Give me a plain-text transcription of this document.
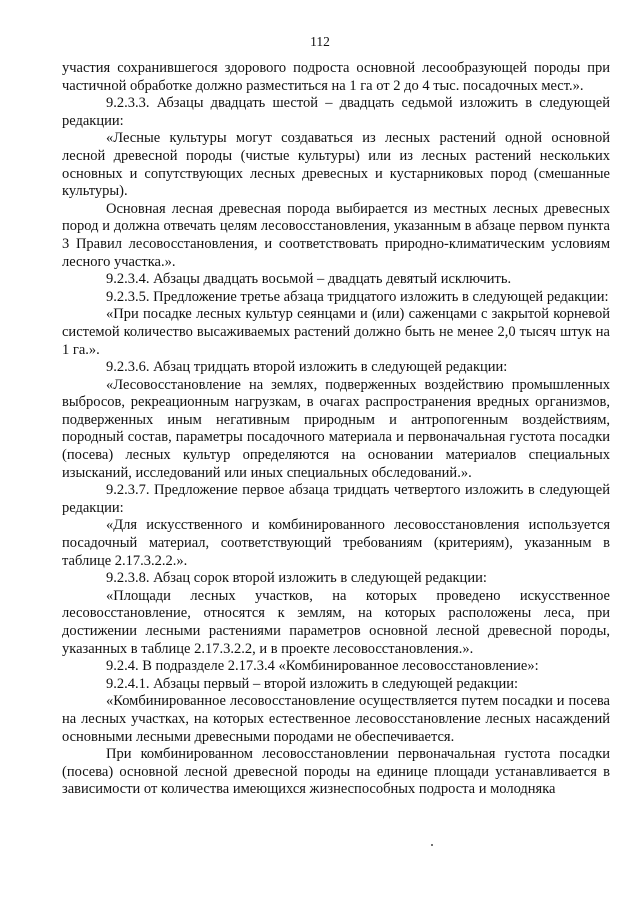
112

участия сохранившегося здорового подроста основной лесообразующей породы при частичной обработке должно разместиться на 1 га от 2 до 4 тыс. посадочных мест.».

9.2.3.3. Абзацы двадцать шестой – двадцать седьмой изложить в следующей редакции:

«Лесные культуры могут создаваться из лесных растений одной основной лесной древесной породы (чистые культуры) или из лесных растений нескольких основных и сопутствующих лесных древесных и кустарниковых пород (смешанные культуры).

Основная лесная древесная порода выбирается из местных лесных древесных пород и должна отвечать целям лесовосстановления, указанным в абзаце первом пункта 3 Правил лесовосстановления, и соответствовать природно-климатическим условиям лесного участка.».

9.2.3.4. Абзацы двадцать восьмой – двадцать девятый исключить.

9.2.3.5. Предложение третье абзаца тридцатого изложить в следующей редакции:

«При посадке лесных культур сеянцами и (или) саженцами с закрытой корневой системой количество высаживаемых растений должно быть не менее 2,0 тысяч штук на 1 га.».

9.2.3.6. Абзац тридцать второй изложить в следующей редакции:

«Лесовосстановление на землях, подверженных воздействию промышленных выбросов, рекреационным нагрузкам, в очагах распространения вредных организмов, подверженных иным негативным природным и антропогенным воздействиям, породный состав, параметры посадочного материала и первоначальная густота посадки (посева) лесных культур определяются на основании материалов специальных изысканий, исследований или иных специальных обследований.».

9.2.3.7. Предложение первое абзаца тридцать четвертого изложить в следующей редакции:

«Для искусственного и комбинированного лесовосстановления используется посадочный материал, соответствующий требованиям (критериям), указанным в таблице 2.17.3.2.2.».

9.2.3.8. Абзац сорок второй изложить в следующей редакции:

«Площади лесных участков, на которых проведено искусственное лесовосстановление, относятся к землям, на которых расположены леса, при достижении лесными растениями параметров основной лесной древесной породы, указанных в таблице 2.17.3.2.2, и в проекте лесовосстановления.».

9.2.4. В подразделе 2.17.3.4 «Комбинированное лесовосстановление»:

9.2.4.1. Абзацы первый – второй изложить в следующей редакции:

«Комбинированное лесовосстановление осуществляется путем посадки и посева на лесных участках, на которых естественное лесовосстановление лесных насаждений основными лесными древесными породами не обеспечивается.

При комбинированном лесовосстановлении первоначальная густота посадки (посева) основной лесной древесной породы на единице площади устанавливается в зависимости от количества имеющихся жизнеспособных подроста и молодняка
